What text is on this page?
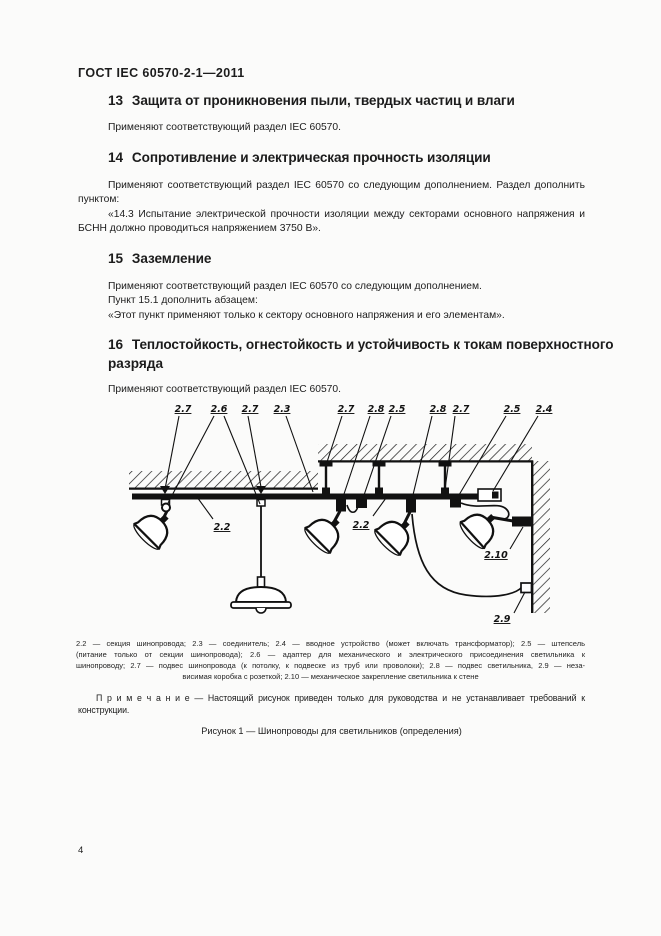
ГОСТ IEC 60570-2-1—2011
13 Защита от проникновения пыли, твердых частиц и влаги

Применяют соответствующий раздел IEC 60570.

14 Сопротивление и электрическая прочность изоляции

Применяют соответствующий раздел IEC 60570 со следующим дополнением. Раздел дополнить пунктом:

«14.3 Испытание электрической прочности изоляции между секторами основного напряжения и БСНН должно проводиться напряжением 3750 В».

15 Заземление

Применяют соответствующий раздел IEC 60570 со следующим дополнением.

Пункт 15.1 дополнить абзацем:

«Этот пункт применяют только к сектору основного напряжения и его элементам».

16 Теплостойкость, огнестойкость и устойчивость к токам поверхностного
разряда

Применяют соответствующий раздел IEC 60570.

2.7 2.6 2.7 2.3	2.7 2.8 2.5	2.8 2.7	2.5 2.4
2.2	2.2
2.10
2.9
2.2 — секция шинопровода; 2.3 — соединитель; 2.4 — вводное устройство (может включать трансформатор); 2.5 — штепсель
(питание только от секции шинопровода); 2.6 — адаптер для механического и электрического присоединения светильника к
шинопроводу; 2.7 — подвес шинопровода (к потолку, к подвеске из труб или проволоки); 2.8 — подвес светильника, 2.9 — неза-
висимая коробка с розеткой; 2.10 — механическое закрепление светильника к стене
П р и м е ч а н и е — Настоящий рисунок приведен только для руководства и не устанавливает требований к конструкции.
Рисунок 1 — Шинопроводы для светильников (определения)
4
